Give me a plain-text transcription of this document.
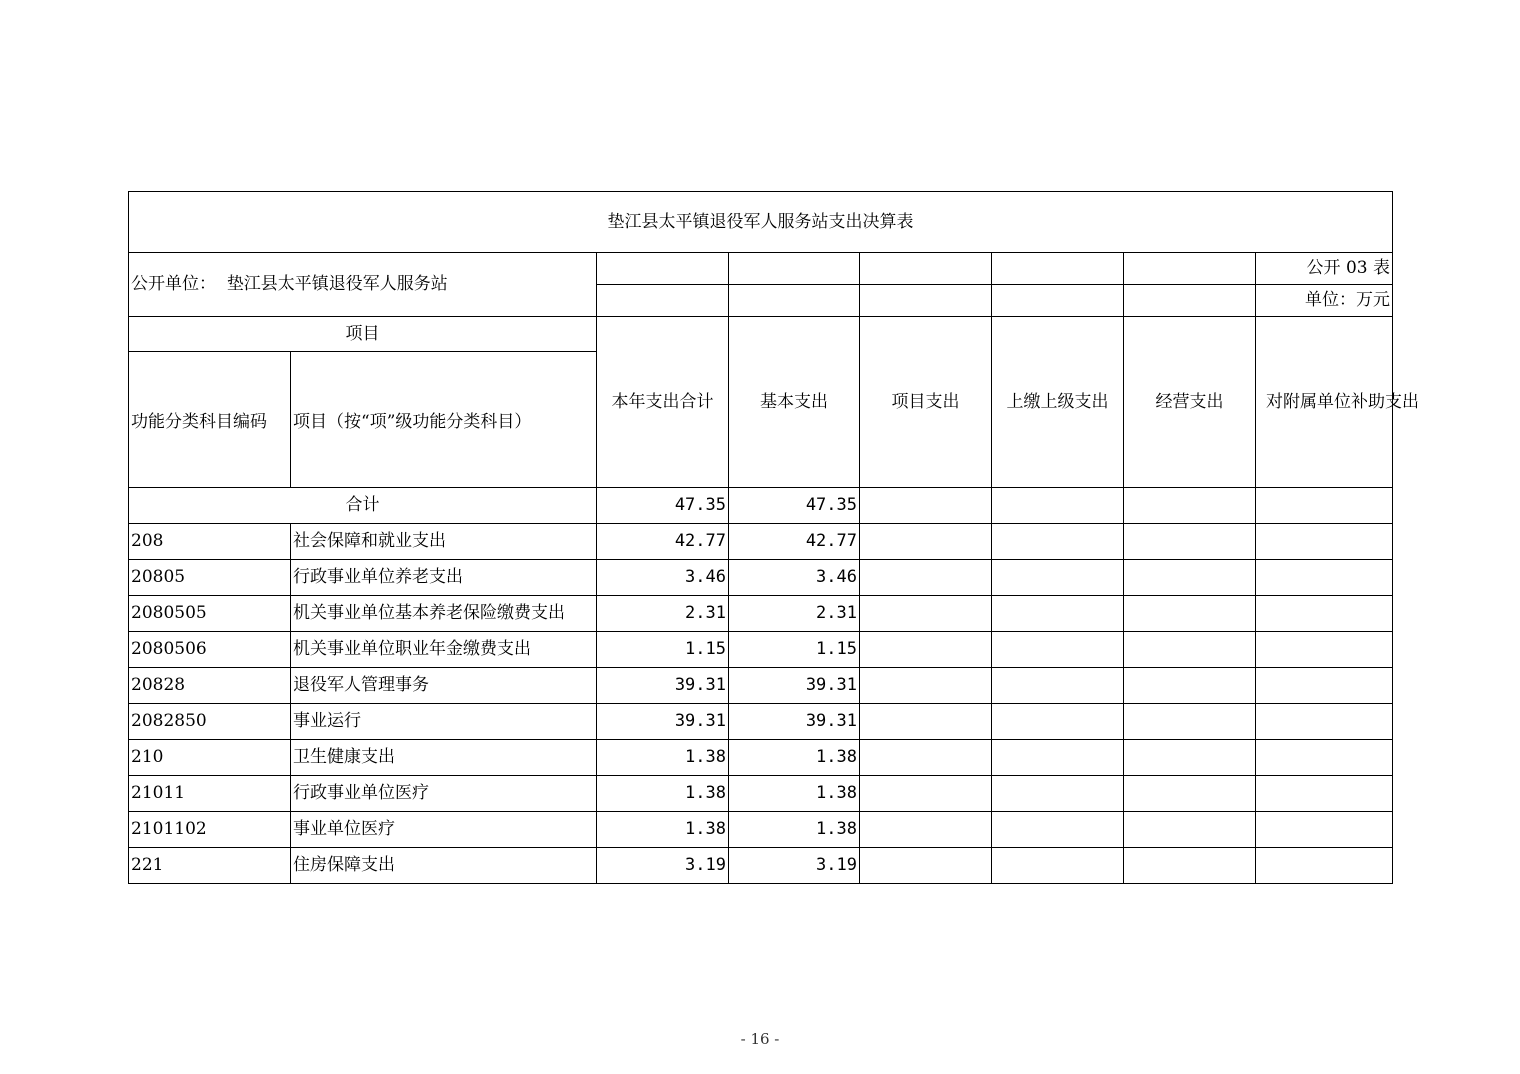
垫江县太平镇退役军人服务站支出决算表							
公开单位： 垫江县太平镇退役军人服务站							公开 03 表
							单位：万元
项目		本年支出合计	基本支出	项目支出	上缴上级支出	经营支出	对附属单位补助支出
功能分类科目编码	项目（按“项”级功能分类科目）						
合计		47.35	47.35				
208	社会保障和就业支出	42.77	42.77				
20805	行政事业单位养老支出	3.46	3.46				
2080505	机关事业单位基本养老保险缴费支出	2.31	2.31				
2080506	机关事业单位职业年金缴费支出	1.15	1.15				
20828	退役军人管理事务	39.31	39.31				
2082850	事业运行	39.31	39.31				
210	卫生健康支出	1.38	1.38				
21011	行政事业单位医疗	1.38	1.38				
2101102	事业单位医疗	1.38	1.38				
221	住房保障支出	3.19	3.19				
- 16 -
